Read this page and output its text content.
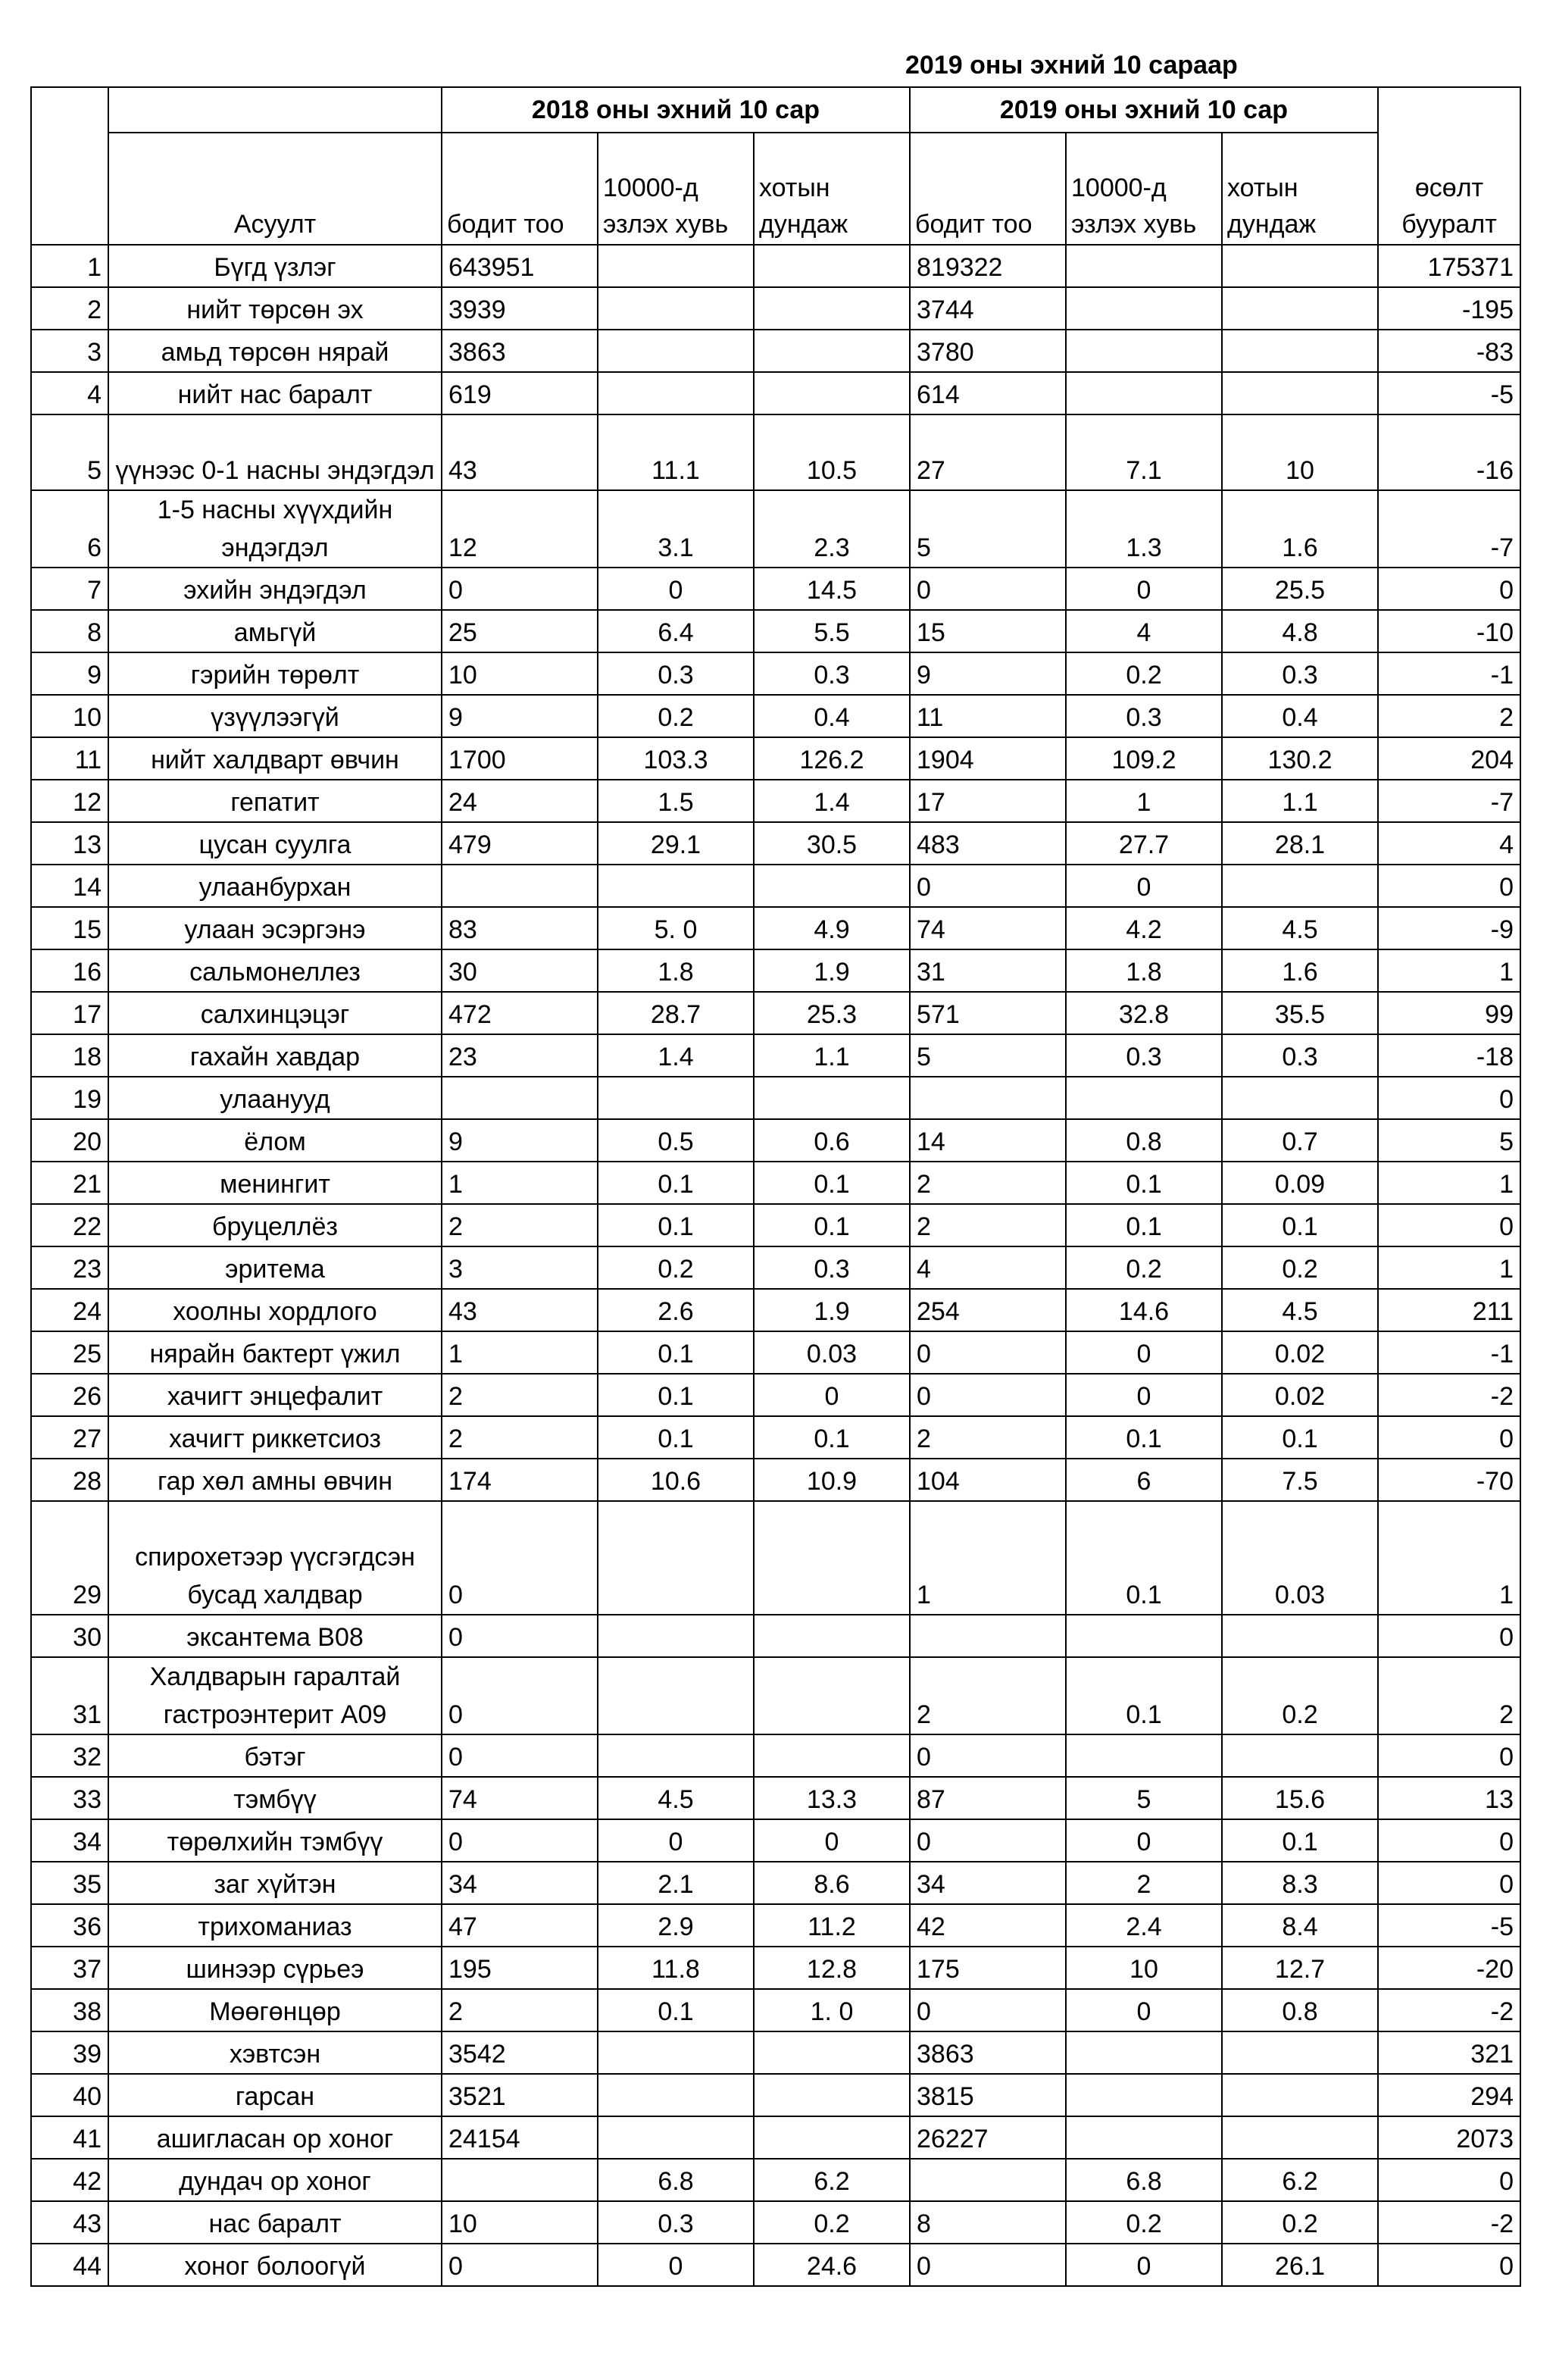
2019 оны эхний 10 сараар
		2018 оны эхний 10 сар			2019 оны эхний 10 сар			өсөлт бууралт
	Асуулт	бодит тоо	10000-д эзлэх хувь	хотын дундаж	бодит тоо	10000-д эзлэх хувь	хотын дундаж	
1	Бүгд үзлэг	643951			819322			175371
2	нийт төрсөн эх	3939			3744			-195
3	амьд төрсөн нярай	3863			3780			-83
4	нийт нас баралт	619			614			-5
5	үүнээс 0-1 насны эндэгдэл	43	11.1	10.5	27	7.1	10	-16
6	1-5 насны хүүхдийн эндэгдэл	12	3.1	2.3	5	1.3	1.6	-7
7	эхийн эндэгдэл	0	0	14.5	0	0	25.5	0
8	амьгүй	25	6.4	5.5	15	4	4.8	-10
9	гэрийн төрөлт	10	0.3	0.3	9	0.2	0.3	-1
10	үзүүлээгүй	9	0.2	0.4	11	0.3	0.4	2
11	нийт халдварт өвчин	1700	103.3	126.2	1904	109.2	130.2	204
12	гепатит	24	1.5	1.4	17	1	1.1	-7
13	цусан суулга	479	29.1	30.5	483	27.7	28.1	4
14	улаанбурхан				0	0		0
15	улаан эсэргэнэ	83	5. 0	4.9	74	4.2	4.5	-9
16	сальмонеллез	30	1.8	1.9	31	1.8	1.6	1
17	салхинцэцэг	472	28.7	25.3	571	32.8	35.5	99
18	гахайн хавдар	23	1.4	1.1	5	0.3	0.3	-18
19	улаанууд							0
20	ёлом	9	0.5	0.6	14	0.8	0.7	5
21	менингит	1	0.1	0.1	2	0.1	0.09	1
22	бруцеллёз	2	0.1	0.1	2	0.1	0.1	0
23	эритема	3	0.2	0.3	4	0.2	0.2	1
24	хоолны хордлого	43	2.6	1.9	254	14.6	4.5	211
25	нярайн бактерт үжил	1	0.1	0.03	0	0	0.02	-1
26	хачигт энцефалит	2	0.1	0	0	0	0.02	-2
27	хачигт риккетсиоз	2	0.1	0.1	2	0.1	0.1	0
28	гар хөл амны өвчин	174	10.6	10.9	104	6	7.5	-70
29	спирохетээр үүсгэгдсэн бусад халдвар	0			1	0.1	0.03	1
30	эксантема B08	0						0
31	Халдварын гаралтай гастроэнтерит А09	0			2	0.1	0.2	2
32	бэтэг	0			0			0
33	тэмбүү	74	4.5	13.3	87	5	15.6	13
34	төрөлхийн тэмбүү	0	0	0	0	0	0.1	0
35	заг хүйтэн	34	2.1	8.6	34	2	8.3	0
36	трихоманиаз	47	2.9	11.2	42	2.4	8.4	-5
37	шинээр сүрьеэ	195	11.8	12.8	175	10	12.7	-20
38	Мөөгөнцөр	2	0.1	1. 0	0	0	0.8	-2
39	хэвтсэн	3542			3863			321
40	гарсан	3521			3815			294
41	ашигласан ор хоног	24154			26227			2073
42	дундач ор хоног		6.8	6.2		6.8	6.2	0
43	нас баралт	10	0.3	0.2	8	0.2	0.2	-2
44	хоног болоогүй	0	0	24.6	0	0	26.1	0
